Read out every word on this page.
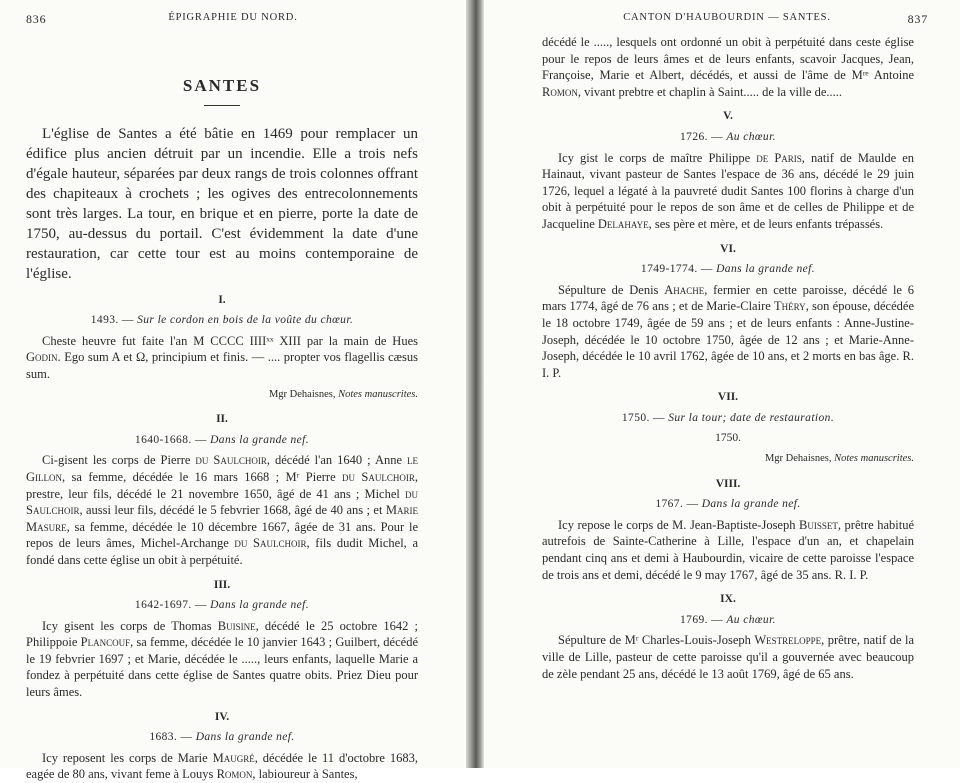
836	ÉPIGRAPHIE DU NORD.
SANTES

L'église de Santes a été bâtie en 1469 pour remplacer un édifice plus ancien détruit par un incendie. Elle a trois nefs d'égale hauteur, séparées par deux rangs de trois colonnes offrant des chapiteaux à crochets ; les ogives des entrecolonnements sont très larges. La tour, en brique et en pierre, porte la date de 1750, au-dessus du portail. C'est évidemment la date d'une restauration, car cette tour est au moins contemporaine de l'église.

I.
1493. — Sur le cordon en bois de la voûte du chœur.

Cheste heuvre fut faite l'an M CCCC IIIIˣˣ XIII par la main de Hues Godin. Ego sum A et Ω, principium et finis. — .... propter vos flagellis cæsus sum.

Mgr Dehaisnes, Notes manuscrites.
II.
1640-1668. — Dans la grande nef.

Ci-gisent les corps de Pierre du Saulchoir, décédé l'an 1640 ; Anne le Gillon, sa femme, décédée le 16 mars 1668 ; Mʳ Pierre du Saulchoir, prestre, leur fils, décédé le 21 novembre 1650, âgé de 41 ans ; Michel du Saulchoir, aussi leur fils, décédé le 5 febvrier 1668, âgé de 40 ans ; et Marie Masure, sa femme, décédée le 10 décembre 1667, âgée de 31 ans. Pour le repos de leurs âmes, Michel-Archange du Saulchoir, fils dudit Michel, a fondé dans cette église un obit à perpétuité.

III.
1642-1697. — Dans la grande nef.

Icy gisent les corps de Thomas Buisine, décédé le 25 octobre 1642 ; Philippoie Plancouf, sa femme, décédée le 10 janvier 1643 ; Guilbert, décédé le 19 febvrier 1697 ; et Marie, décédée le ....., leurs enfants, laquelle Marie a fondez à perpétuité dans cette église de Santes quatre obits. Priez Dieu pour leurs âmes.

IV.
1683. — Dans la grande nef.

Icy reposent les corps de Marie Maugré, décédée le 11 d'octobre 1683, eagée de 80 ans, vivant feme à Louys Romon, labioureur à Santes,

CANTON D'HAUBOURDIN — SANTES.	837

décédé le ....., lesquels ont ordonné un obit à perpétuité dans ceste église pour le repos de leurs âmes et de leurs enfants, scavoir Jacques, Jean, Françoise, Marie et Albert, décédés, et aussi de l'âme de Mʳᵉ Antoine Romon, vivant prebtre et chaplin à Saint..... de la ville de.....

V.
1726. — Au chœur.

Icy gist le corps de maître Philippe de Paris, natif de Maulde en Hainaut, vivant pasteur de Santes l'espace de 36 ans, décédé le 29 juin 1726, lequel a légaté à la pauvreté dudit Santes 100 florins à charge d'un obit à perpétuité pour le repos de son âme et de celles de Philippe et de Jacqueline Delahaye, ses père et mère, et de leurs enfants trépassés.

VI.
1749-1774. — Dans la grande nef.

Sépulture de Denis Ahache, fermier en cette paroisse, décédé le 6 mars 1774, âgé de 76 ans ; et de Marie-Claire Théry, son épouse, décédée le 18 octobre 1749, âgée de 59 ans ; et de leurs enfants : Anne-Justine-Joseph, décédée le 10 octobre 1750, âgée de 12 ans ; et Marie-Anne-Joseph, décédée le 10 avril 1762, âgée de 10 ans, et 2 morts en bas âge. R. I. P.

VII.
1750. — Sur la tour; date de restauration.
1750.
Mgr Dehaisnes, Notes manuscrites.
VIII.
1767. — Dans la grande nef.

Icy repose le corps de M. Jean-Baptiste-Joseph Buisset, prêtre habitué autrefois de Sainte-Catherine à Lille, l'espace d'un an, et chapelain pendant cinq ans et demi à Haubourdin, vicaire de cette paroisse l'espace de trois ans et demi, décédé le 9 may 1767, âgé de 35 ans. R. I. P.

IX.
1769. — Au chœur.

Sépulture de Mʳ Charles-Louis-Joseph Westreloppe, prêtre, natif de la ville de Lille, pasteur de cette paroisse qu'il a gouvernée avec beaucoup de zèle pendant 25 ans, décédé le 13 août 1769, âgé de 65 ans.
